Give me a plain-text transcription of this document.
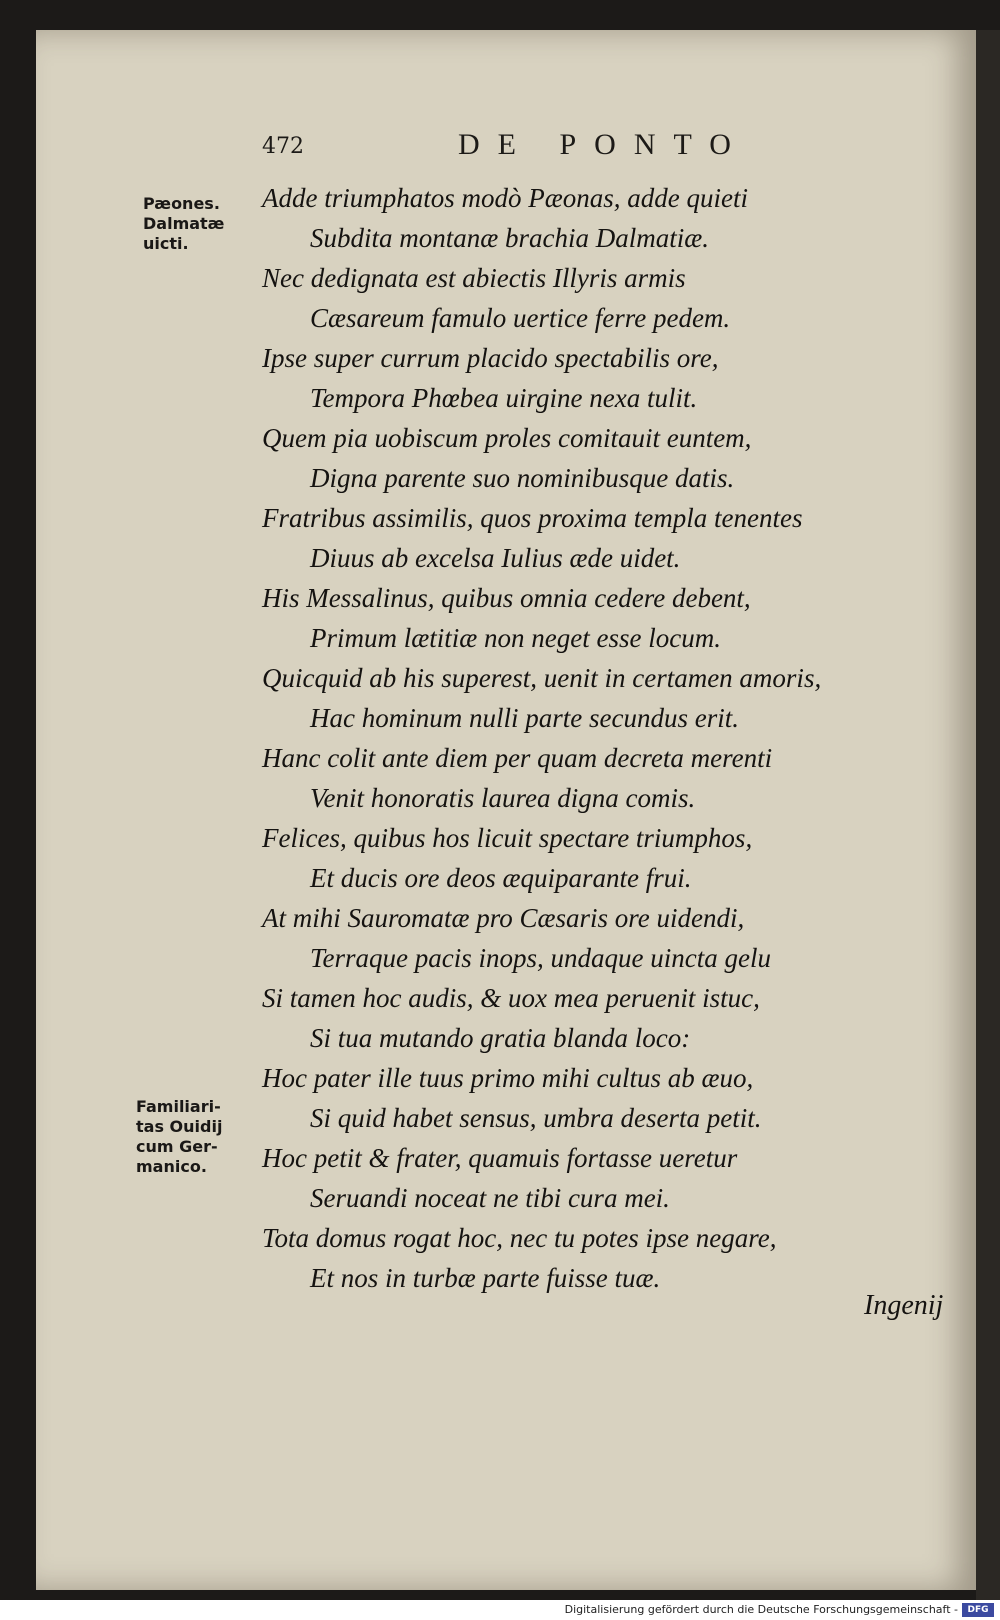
472	DE PONTO
Pæones.
Dalmatæ
uicti.
Familiari-
tas Ouidij
cum Ger-
manico.
Adde triumphatos modò Pæonas, adde quieti
Subdita montanæ brachia Dalmatiæ.
Nec dedignata est abiectis Illyris armis
Cæsareum famulo uertice ferre pedem.
Ipse super currum placido spectabilis ore,
Tempora Phœbea uirgine nexa tulit.
Quem pia uobiscum proles comitauit euntem,
Digna parente suo nominibusque datis.
Fratribus assimilis, quos proxima templa tenentes
Diuus ab excelsa Iulius æde uidet.
His Messalinus, quibus omnia cedere debent,
Primum lætitiæ non neget esse locum.
Quicquid ab his superest, uenit in certamen amoris,
Hac hominum nulli parte secundus erit.
Hanc colit ante diem per quam decreta merenti
Venit honoratis laurea digna comis.
Felices, quibus hos licuit spectare triumphos,
Et ducis ore deos æquiparante frui.
At mihi Sauromatæ pro Cæsaris ore uidendi,
Terraque pacis inops, undaque uincta gelu
Si tamen hoc audis, & uox mea peruenit istuc,
Si tua mutando gratia blanda loco:
Hoc pater ille tuus primo mihi cultus ab æuo,
Si quid habet sensus, umbra deserta petit.
Hoc petit & frater, quamuis fortasse ueretur
Seruandi noceat ne tibi cura mei.
Tota domus rogat hoc, nec tu potes ipse negare,
Et nos in turbæ parte fuisse tuæ.
Ingenij
Digitalisierung gefördert durch die Deutsche Forschungsgemeinschaft -	DFG
